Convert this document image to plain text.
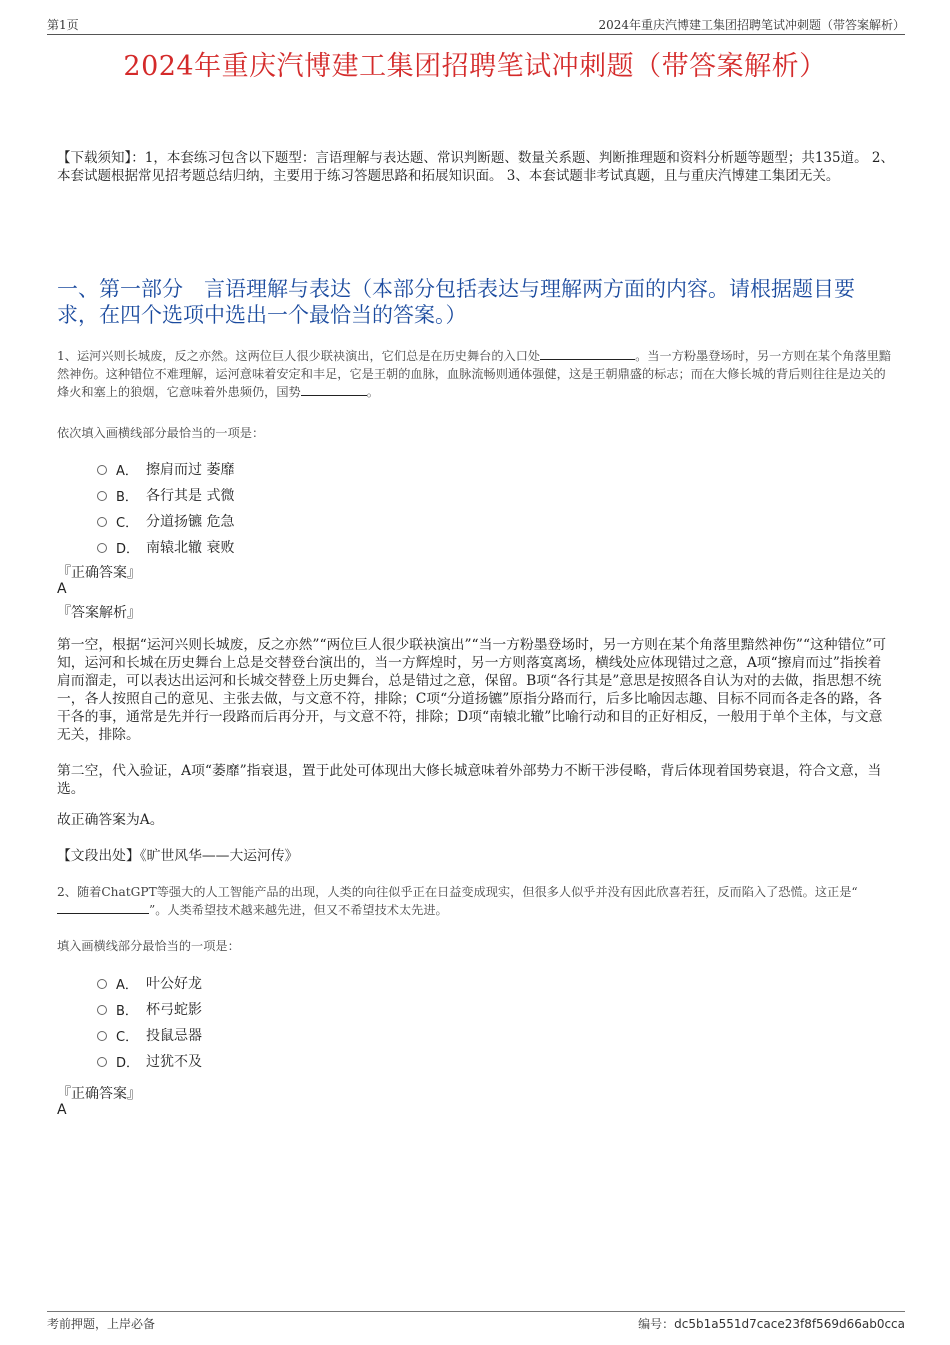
第1页	2024年重庆汽博建工集团招聘笔试冲刺题（带答案解析）
2024年重庆汽博建工集团招聘笔试冲刺题（带答案解析）
【下载须知】：1，本套练习包含以下题型：言语理解与表达题、常识判断题、数量关系题、判断推理题和资料分析题等题型；共135道。 2、本套试题根据常见招考题总结归纳，主要用于练习答题思路和拓展知识面。 3、本套试题非考试真题，且与重庆汽博建工集团无关。
一、第一部分　言语理解与表达（本部分包括表达与理解两方面的内容。请根据题目要求，在四个选项中选出一个最恰当的答案。）
1、运河兴则长城废，反之亦然。这两位巨人很少联袂演出，它们总是在历史舞台的入口处	。当一方粉墨登场时，另一方则在某个角落里黯然神伤。这种错位不难理解，运河意味着安定和丰足，它是王朝的血脉，血脉流畅则通体强健，这是王朝鼎盛的标志；而在大修长城的背后则往往是边关的烽火和塞上的狼烟，它意味着外患频仍，国势	。
依次填入画横线部分最恰当的一项是：
A． 擦肩而过 萎靡
B． 各行其是 式微
C． 分道扬镳 危急
D． 南辕北辙 衰败
『正确答案』
A
『答案解析』
第一空，根据“运河兴则长城废，反之亦然”“两位巨人很少联袂演出”“当一方粉墨登场时，另一方则在某个角落里黯然神伤”“这种错位”可知，运河和长城在历史舞台上总是交替登台演出的，当一方辉煌时，另一方则落寞离场，横线处应体现错过之意，A项“擦肩而过”指挨着肩而溜走，可以表达出运河和长城交替登上历史舞台，总是错过之意，保留。B项“各行其是”意思是按照各自认为对的去做，指思想不统一，各人按照自己的意见、主张去做，与文意不符，排除；C项“分道扬镳”原指分路而行，后多比喻因志趣、目标不同而各走各的路，各干各的事，通常是先并行一段路而后再分开，与文意不符，排除；D项“南辕北辙”比喻行动和目的正好相反，一般用于单个主体，与文意无关，排除。
第二空，代入验证，A项“萎靡”指衰退，置于此处可体现出大修长城意味着外部势力不断干涉侵略，背后体现着国势衰退，符合文意，当选。
故正确答案为A。
【文段出处】《旷世风华——大运河传》
2、随着ChatGPT等强大的人工智能产品的出现，人类的向往似乎正在日益变成现实，但很多人似乎并没有因此欣喜若狂，反而陷入了恐慌。这正是“”。人类希望技术越来越先进，但又不希望技术太先进。
填入画横线部分最恰当的一项是：
A． 叶公好龙
B． 杯弓蛇影
C． 投鼠忌器
D． 过犹不及
『正确答案』
A
考前押题，上岸必备	编号：dc5b1a551d7cace23f8f569d66ab0cca
